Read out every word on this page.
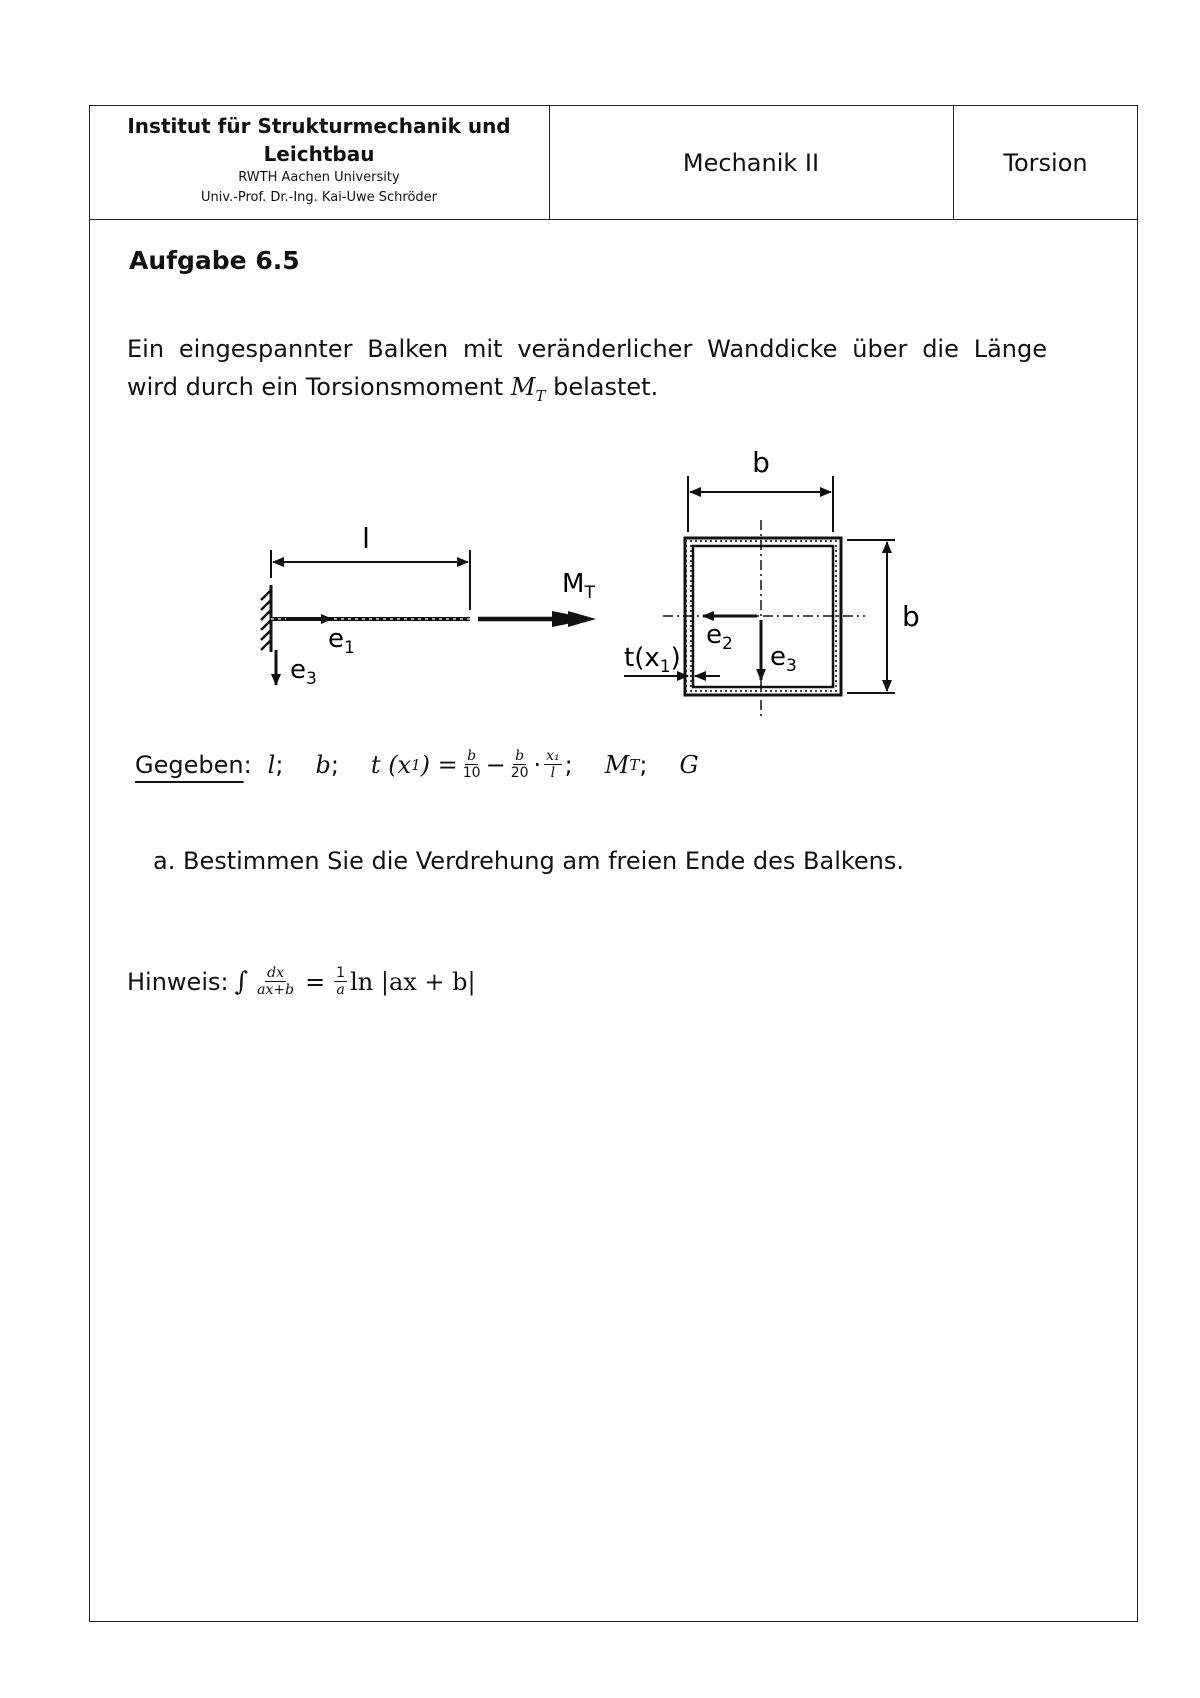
Institut für Strukturmechanik und Leichtbau
RWTH Aachen University
Univ.-Prof. Dr.-Ing. Kai-Uwe Schröder
Mechanik II	Torsion
Aufgabe 6.5
Ein eingespannter Balken mit veränderlicher Wanddicke über die Länge wird durch ein Torsionsmoment $M_T$ belastet.
l
$M_T$
$e_1$
$e_3$
b
b
$e_2$ $e_3$
$t(x_1)$
Gegeben : l ; b ; t (x 1 ) = $\frac{b}{10} - \frac{b}{20} \cdot \frac{\text{x₁}}{l}$ ; M T ; G
a. Bestimmen Sie die Verdrehung am freien Ende des Balkens.
Hinweis: ∫ $\frac{dx}{ax+b} = \frac{1}{a}$ ln |ax + b|
